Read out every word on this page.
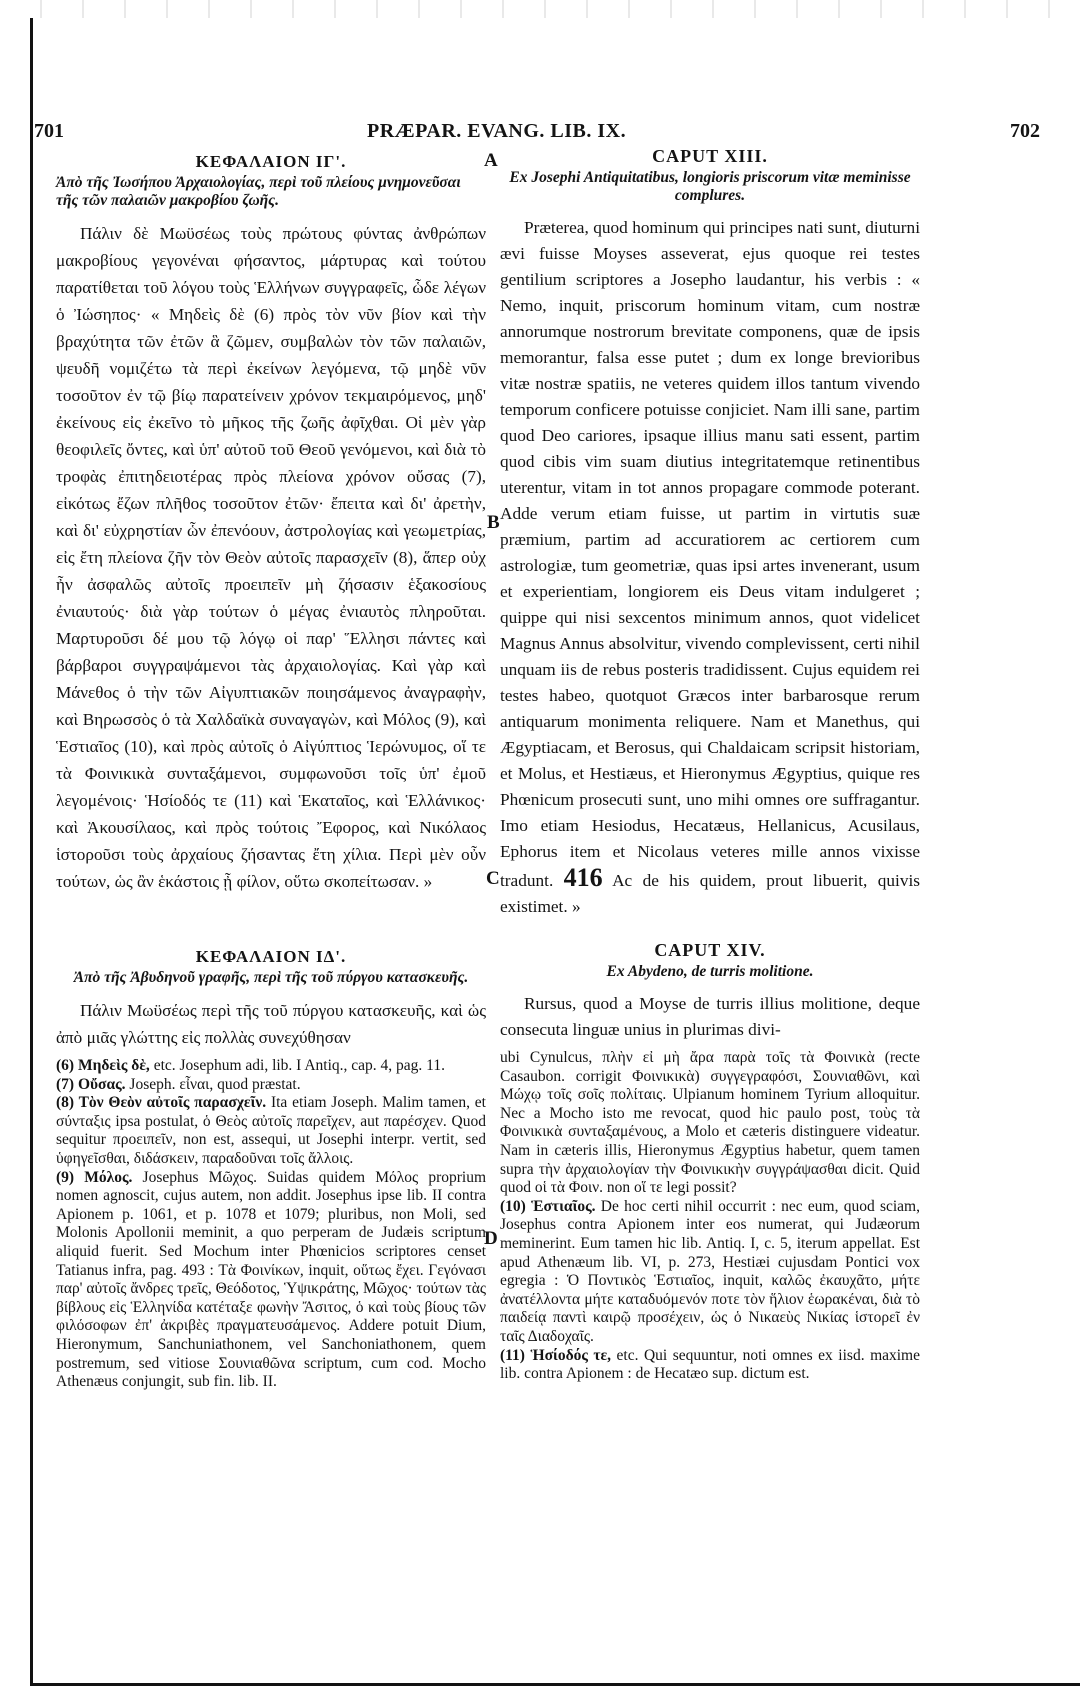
701	PRÆPAR. EVANG. LIB. IX.	702
A
B
C
D
ΚΕΦΑΛΑΙΟΝ ΙΓ'.
Ἀπὸ τῆς Ἰωσήπου Ἀρχαιολογίας, περὶ τοῦ πλείους μνημονεῦσαι τῆς τῶν παλαιῶν μακροβίου ζωῆς.

Πάλιν δὲ Μωϋσέως τοὺς πρώτους φύντας ἀνθρώπων μακροβίους γεγονέναι φήσαντος, μάρτυρας καὶ τούτου παρατίθεται τοῦ λόγου τοὺς Ἑλλήνων συγγραφεῖς, ὧδε λέγων ὁ Ἰώσηπος· « Μηδεὶς δὲ (6) πρὸς τὸν νῦν βίον καὶ τὴν βραχύτητα τῶν ἐτῶν ἃ ζῶμεν, συμβαλὼν τὸν τῶν παλαιῶν, ψευδῆ νομιζέτω τὰ περὶ ἐκείνων λεγόμενα, τῷ μηδὲ νῦν τοσοῦτον ἐν τῷ βίῳ παρατείνειν χρόνον τεκμαιρόμενος, μηδ' ἐκείνους εἰς ἐκεῖνο τὸ μῆκος τῆς ζωῆς ἀφῖχθαι. Οἱ μὲν γὰρ θεοφιλεῖς ὄντες, καὶ ὑπ' αὐτοῦ τοῦ Θεοῦ γενόμενοι, καὶ διὰ τὸ τροφὰς ἐπιτηδειοτέρας πρὸς πλείονα χρόνον οὔσας (7), εἰκότως ἔζων πλῆθος τοσοῦτον ἐτῶν· ἔπειτα καὶ δι' ἀρετὴν, καὶ δι' εὐχρηστίαν ὧν ἐπενόουν, ἀστρολογίας καὶ γεωμετρίας, εἰς ἔτη πλείονα ζῆν τὸν Θεὸν αὐτοῖς παρασχεῖν (8), ἅπερ οὐχ ἦν ἀσφαλῶς αὐτοῖς προειπεῖν μὴ ζήσασιν ἑξακοσίους ἐνιαυτούς· διὰ γὰρ τούτων ὁ μέγας ἐνιαυτὸς πληροῦται. Μαρτυροῦσι δέ μου τῷ λόγῳ οἱ παρ' Ἕλλησι πάντες καὶ βάρβαροι συγγραψάμενοι τὰς ἀρχαιολογίας. Καὶ γὰρ καὶ Μάνεθος ὁ τὴν τῶν Αἰγυπτιακῶν ποιησάμενος ἀναγραφὴν, καὶ Βηρωσσὸς ὁ τὰ Χαλδαϊκὰ συναγαγὼν, καὶ Μόλος (9), καὶ Ἑστιαῖος (10), καὶ πρὸς αὐτοῖς ὁ Αἰγύπτιος Ἱερώνυμος, οἵ τε τὰ Φοινικικὰ συνταξάμενοι, συμφωνοῦσι τοῖς ὑπ' ἐμοῦ λεγομένοις· Ἡσίοδός τε (11) καὶ Ἑκαταῖος, καὶ Ἑλλάνικος· καὶ Ἀκουσίλαος, καὶ πρὸς τούτοις Ἔφορος, καὶ Νικόλαος ἱστοροῦσι τοὺς ἀρχαίους ζήσαντας ἔτη χίλια. Περὶ μὲν οὖν τούτων, ὡς ἂν ἑκάστοις ᾖ φίλον, οὕτω σκοπείτωσαν. »

ΚΕΦΑΛΑΙΟΝ ΙΔ'.
Ἀπὸ τῆς Ἀβυδηνοῦ γραφῆς, περὶ τῆς τοῦ πύργου κατασκευῆς.

Πάλιν Μωϋσέως περὶ τῆς τοῦ πύργου κατασκευῆς, καὶ ὡς ἀπὸ μιᾶς γλώττης εἰς πολλὰς συνεχύθησαν

(6) Μηδεὶς δὲ, etc. Josephum adi, lib. I Antiq., cap. 4, pag. 11.

(7) Οὔσας. Joseph. εἶναι, quod præstat.

(8) Τὸν Θεὸν αὐτοῖς παρασχεῖν. Ita etiam Joseph. Malim tamen, et σύνταξις ipsa postulat, ὁ Θεὸς αὐτοῖς παρεῖχεν, aut παρέσχεν. Quod sequitur προειπεῖν, non est, assequi, ut Josephi interpr. vertit, sed ὑφηγεῖσθαι, διδάσκειν, παραδοῦναι τοῖς ἄλλοις.

(9) Μόλος. Josephus Μῶχος. Suidas quidem Μόλος proprium nomen agnoscit, cujus autem, non addit. Josephus ipse lib. II contra Apionem p. 1061, et p. 1078 et 1079; pluribus, non Moli, sed Molonis Apollonii meminit, a quo perperam de Judæis scriptum aliquid fuerit. Sed Mochum inter Phœnicios scriptores censet Tatianus infra, pag. 493 : Τὰ Φοινίκων, inquit, οὕτως ἔχει. Γεγόνασι παρ' αὐτοῖς ἄνδρες τρεῖς, Θεόδοτος, Ὑψικράτης, Μῶχος· τούτων τὰς βίβλους εἰς Ἑλληνίδα κατέταξε φωνὴν Ἄσιτος, ὁ καὶ τοὺς βίους τῶν φιλόσοφων ἐπ' ἀκριβὲς πραγματευσάμενος. Addere potuit Dium, Hieronymum, Sanchuniathonem, vel Sanchoniathonem, quem postremum, sed vitiose Σουνιαθῶνα scriptum, cum cod. Mocho Athenæus conjungit, sub fin. lib. II.

CAPUT XIII.
Ex Josephi Antiquitatibus, longioris priscorum vitæ meminisse complures.

Præterea, quod hominum qui principes nati sunt, diuturni ævi fuisse Moyses asseverat, ejus quoque rei testes gentilium scriptores a Josepho laudantur, his verbis : « Nemo, inquit, priscorum hominum vitam, cum nostræ annorumque nostrorum brevitate componens, quæ de ipsis memorantur, falsa esse putet ; dum ex longe brevioribus vitæ nostræ spatiis, ne veteres quidem illos tantum vivendo temporum conficere potuisse conjiciet. Nam illi sane, partim quod Deo cariores, ipsaque illius manu sati essent, partim quod cibis vim suam diutius integritatemque retinentibus uterentur, vitam in tot annos propagare commode poterant. Adde verum etiam fuisse, ut partim in virtutis suæ præmium, partim ad accuratiorem ac certiorem cum astrologiæ, tum geometriæ, quas ipsi artes invenerant, usum et experientiam, longiorem eis Deus vitam indulgeret ; quippe qui nisi sexcentos minimum annos, quot videlicet Magnus Annus absolvitur, vivendo complevissent, certi nihil unquam iis de rebus posteris tradidissent. Cujus equidem rei testes habeo, quotquot Græcos inter barbarosque rerum antiquarum monimenta reliquere. Nam et Manethus, qui Ægyptiacam, et Berosus, qui Chaldaicam scripsit historiam, et Molus, et Hestiæus, et Hieronymus Ægyptius, quique res Phœnicum prosecuti sunt, uno mihi omnes ore suffragantur. Imo etiam Hesiodus, Hecatæus, Hellanicus, Acusilaus, Ephorus item et Nicolaus veteres mille annos vixisse tradunt. 416 Ac de his quidem, prout libuerit, quivis existimet. »

CAPUT XIV.
Ex Abydeno, de turris molitione.

Rursus, quod a Moyse de turris illius molitione, deque consecuta linguæ unius in plurimas divi-

ubi Cynulcus, πλὴν εἰ μὴ ἄρα παρὰ τοῖς τὰ Φοινικὰ (recte Casaubon. corrigit Φοινικικὰ) συγγεγραφόσι, Σουνιαθῶνι, καὶ Μώχῳ τοῖς σοῖς πολίταις. Ulpianum hominem Tyrium alloquitur. Nec a Mocho isto me revocat, quod hic paulo post, τοὺς τὰ Φοινικικὰ συνταξαμένους, a Molo et cæteris distinguere videatur. Nam in cæteris illis, Hieronymus Ægyptius habetur, quem tamen supra τὴν ἀρχαιολογίαν τὴν Φοινικικὴν συγγράψασθαι dicit. Quid quod οἱ τὰ Φοιν. non οἵ τε legi possit?

(10) Ἑστιαῖος. De hoc certi nihil occurrit : nec eum, quod sciam, Josephus contra Apionem inter eos numerat, qui Judæorum meminerint. Eum tamen hic lib. Antiq. I, c. 5, iterum appellat. Est apud Athenæum lib. VI, p. 273, Hestiæi cujusdam Pontici vox egregia : Ὁ Ποντικὸς Ἑστιαῖος, inquit, καλῶς ἐκαυχᾶτο, μήτε ἀνατέλλοντα μήτε καταδυόμενόν ποτε τὸν ἥλιον ἑωρακέναι, διὰ τὸ παιδείᾳ παντὶ καιρῷ προσέχειν, ὡς ὁ Νικαεὺς Νικίας ἱστορεῖ ἐν ταῖς Διαδοχαῖς.

(11) Ἡσίοδός τε, etc. Qui sequuntur, noti omnes ex iisd. maxime lib. contra Apionem : de Hecatæo sup. dictum est.
